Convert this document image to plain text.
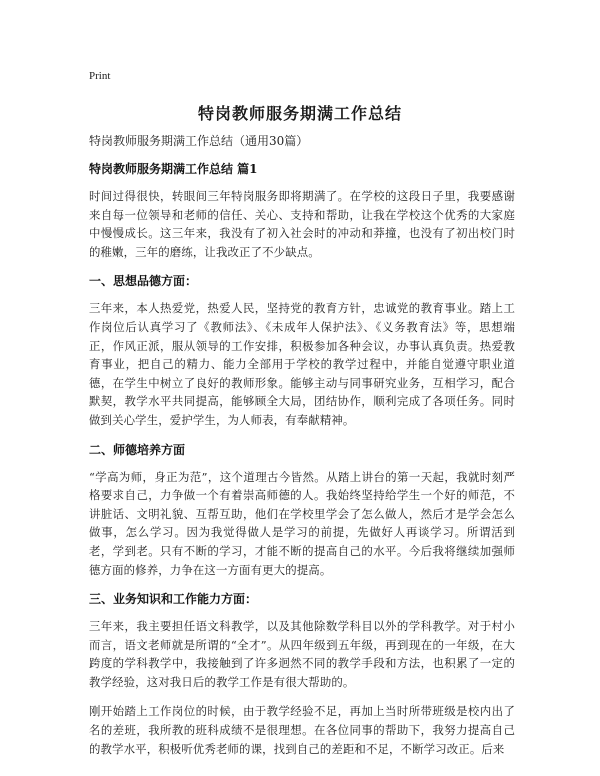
Print
特岗教师服务期满工作总结

特岗教师服务期满工作总结（通用30篇）

特岗教师服务期满工作总结 篇1

时间过得很快，转眼间三年特岗服务即将期满了。在学校的这段日子里，我要感谢来自每一位领导和老师的信任、关心、支持和帮助，让我在学校这个优秀的大家庭中慢慢成长。这三年来，我没有了初入社会时的冲动和莽撞，也没有了初出校门时的稚嫩，三年的磨练，让我改正了不少缺点。

一、思想品德方面：

三年来，本人热爱党，热爱人民，坚持党的教育方针，忠诚党的教育事业。踏上工作岗位后认真学习了《教师法》、《未成年人保护法》、《义务教育法》等，思想端正，作风正派，服从领导的工作安排，积极参加各种会议，办事认真负责。热爱教育事业，把自己的精力、能力全部用于学校的教学过程中，并能自觉遵守职业道德，在学生中树立了良好的教师形象。能够主动与同事研究业务，互相学习，配合默契，教学水平共同提高，能够顾全大局，团结协作，顺利完成了各项任务。同时做到关心学生，爱护学生，为人师表，有奉献精神。

二、师德培养方面

“学高为师，身正为范”，这个道理古今皆然。从踏上讲台的第一天起，我就时刻严格要求自己，力争做一个有着崇高师德的人。我始终坚持给学生一个好的师范，不讲脏话、文明礼貌、互帮互助，他们在学校里学会了怎么做人，然后才是学会怎么做事，怎么学习。因为我觉得做人是学习的前提，先做好人再谈学习。所谓活到老，学到老。只有不断的学习，才能不断的提高自己的水平。今后我将继续加强师德方面的修养，力争在这一方面有更大的提高。

三、业务知识和工作能力方面：

三年来，我主要担任语文科教学，以及其他除数学科目以外的学科教学。对于村小而言，语文老师就是所谓的“全才”。从四年级到五年级，再到现在的一年级，在大跨度的学科教学中，我接触到了许多迥然不同的教学手段和方法，也积累了一定的教学经验，这对我日后的教学工作是有很大帮助的。

刚开始踏上工作岗位的时候，由于教学经验不足，再加上当时所带班级是校内出了名的差班，我所教的班科成绩不是很理想。在各位同事的帮助下，我努力提高自己的教学水平，积极听优秀老师的课，找到自己的差距和不足，不断学习改正。后来
